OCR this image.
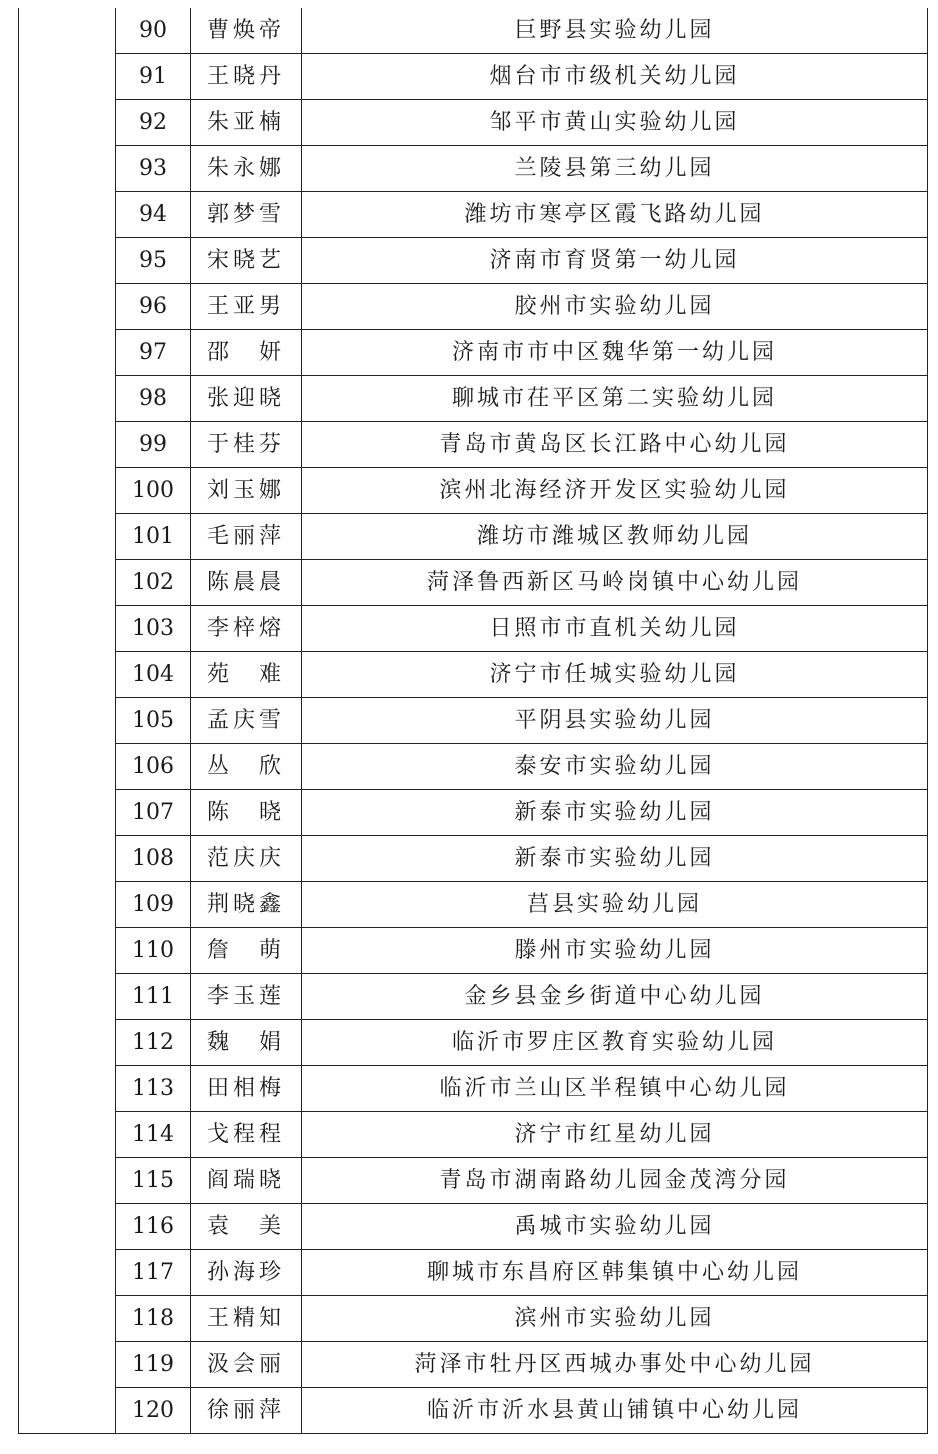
	90	曹焕帝	巨野县实验幼儿园
	91	王晓丹	烟台市市级机关幼儿园
	92	朱亚楠	邹平市黄山实验幼儿园
	93	朱永娜	兰陵县第三幼儿园
	94	郭梦雪	潍坊市寒亭区霞飞路幼儿园
	95	宋晓艺	济南市育贤第一幼儿园
	96	王亚男	胶州市实验幼儿园
	97	邵　妍	济南市市中区魏华第一幼儿园
	98	张迎晓	聊城市茌平区第二实验幼儿园
	99	于桂芬	青岛市黄岛区长江路中心幼儿园
	100	刘玉娜	滨州北海经济开发区实验幼儿园
	101	毛丽萍	潍坊市潍城区教师幼儿园
	102	陈晨晨	菏泽鲁西新区马岭岗镇中心幼儿园
	103	李梓熔	日照市市直机关幼儿园
	104	苑　难	济宁市任城实验幼儿园
	105	孟庆雪	平阴县实验幼儿园
	106	丛　欣	泰安市实验幼儿园
	107	陈　晓	新泰市实验幼儿园
	108	范庆庆	新泰市实验幼儿园
	109	荆晓鑫	莒县实验幼儿园
	110	詹　萌	滕州市实验幼儿园
	111	李玉莲	金乡县金乡街道中心幼儿园
	112	魏　娟	临沂市罗庄区教育实验幼儿园
	113	田相梅	临沂市兰山区半程镇中心幼儿园
	114	戈程程	济宁市红星幼儿园
	115	阎瑞晓	青岛市湖南路幼儿园金茂湾分园
	116	袁　美	禹城市实验幼儿园
	117	孙海珍	聊城市东昌府区韩集镇中心幼儿园
	118	王精知	滨州市实验幼儿园
	119	汲会丽	菏泽市牡丹区西城办事处中心幼儿园
	120	徐丽萍	临沂市沂水县黄山铺镇中心幼儿园
